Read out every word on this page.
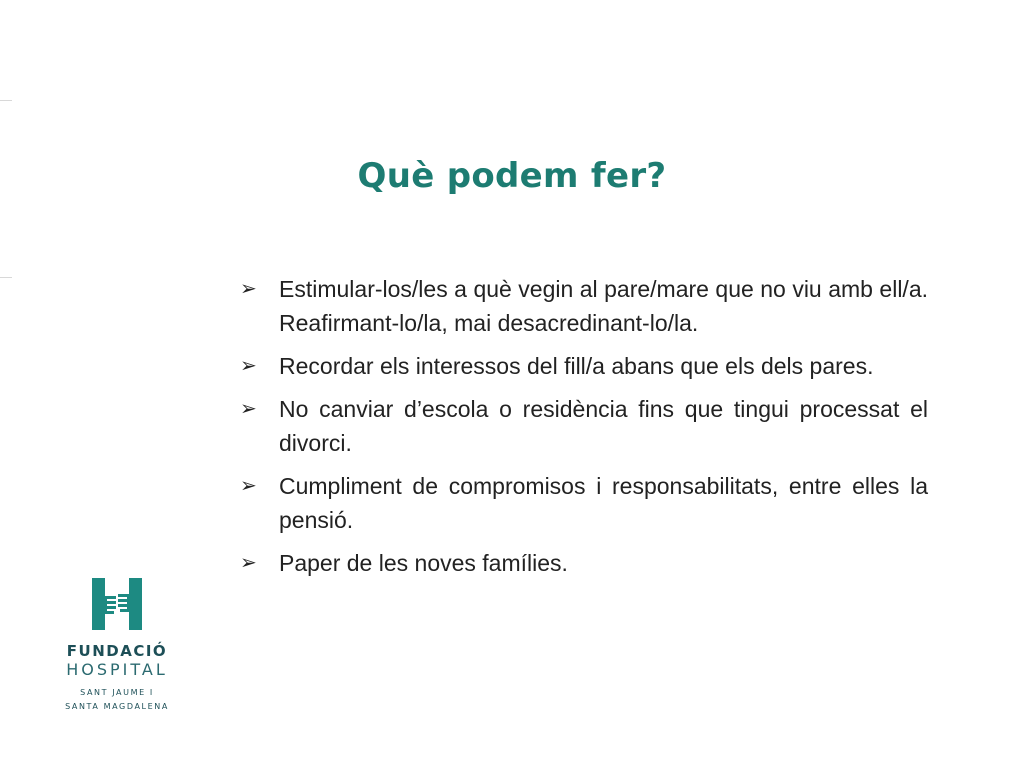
Què podem fer?
➢ Estimular-los/les a què vegin al pare/mare que no viu amb ell/a. Reafirmant-lo/la, mai desacredinant-lo/la.
➢ Recordar els interessos del fill/a abans que els dels pares.
➢ No canviar d’escola o residència fins que tingui processat el divorci.
➢ Cumpliment de compromisos i responsabilitats, entre elles la pensió.
➢ Paper de les noves famílies.
FUNDACIÓ
HOSPITAL
SANT JAUME I
SANTA MAGDALENA
